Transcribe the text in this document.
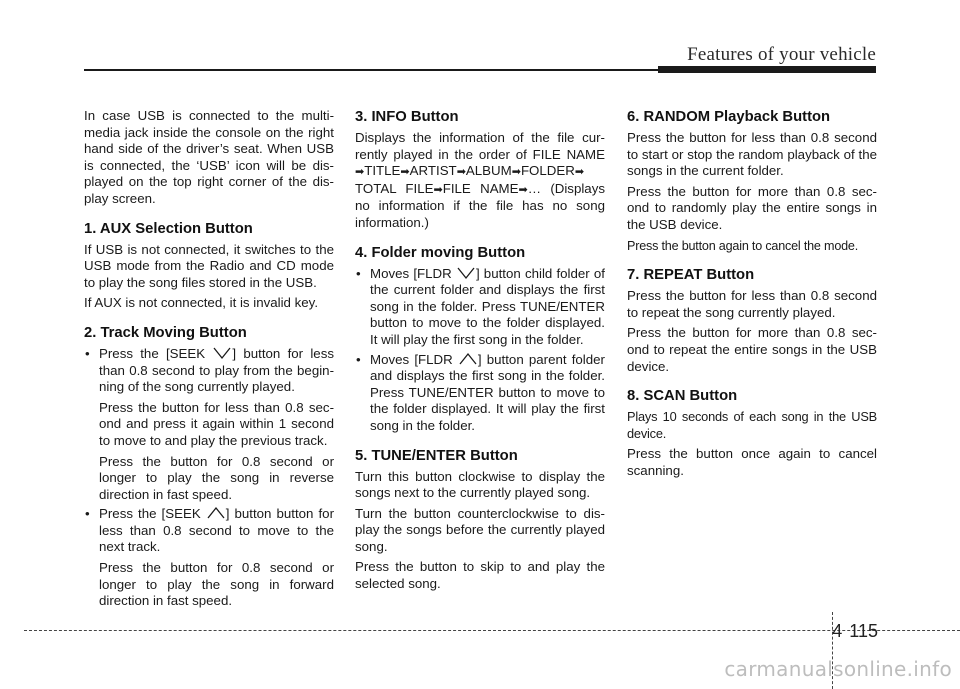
Features of your vehicle

In case USB is connected to the multi-media jack inside the console on the right hand side of the driver’s seat. When USB is connected, the ‘USB’ icon will be dis-played on the top right corner of the dis-play screen.

1. AUX Selection Button

If USB is not connected, it switches to the USB mode from the Radio and CD mode to play the song files stored in the USB.

If AUX is not connected, it is invalid key.

2. Track Moving Button
• Press the [SEEK ] button for less than 0.8 second to play from the begin-ning of the song currently played.

Press the button for less than 0.8 sec-ond and press it again within 1 second to move to and play the previous track.

Press the button for 0.8 second or longer to play the song in reverse direction in fast speed.

• Press the [SEEK ] button button for less than 0.8 second to move to the next track.

Press the button for 0.8 second or longer to play the song in forward direction in fast speed.

3. INFO Button

Displays the information of the file cur-rently played in the order of FILE NAME ➡TITLE➡ARTIST➡ALBUM➡FOLDER➡ TOTAL FILE➡FILE NAME➡… (Displays no information if the file has no song information.)

4. Folder moving Button
• Moves [FLDR ] button child folder of the current folder and displays the first song in the folder. Press TUNE/ENTER button to move to the folder displayed. It will play the first song in the folder.
• Moves [FLDR ] button parent folder and displays the first song in the folder. Press TUNE/ENTER button to move to the folder displayed. It will play the first song in the folder.
5. TUNE/ENTER Button

Turn this button clockwise to display the songs next to the currently played song.

Turn the button counterclockwise to dis-play the songs before the currently played song.

Press the button to skip to and play the selected song.

6. RANDOM Playback Button

Press the button for less than 0.8 second to start or stop the random playback of the songs in the current folder.

Press the button for more than 0.8 sec-ond to randomly play the entire songs in the USB device.

Press the button again to cancel the mode.

7. REPEAT Button

Press the button for less than 0.8 second to repeat the song currently played.

Press the button for more than 0.8 sec-ond to repeat the entire songs in the USB device.

8. SCAN Button

Plays 10 seconds of each song in the USB device.

Press the button once again to cancel scanning.

4 115
carmanualsonline.info
